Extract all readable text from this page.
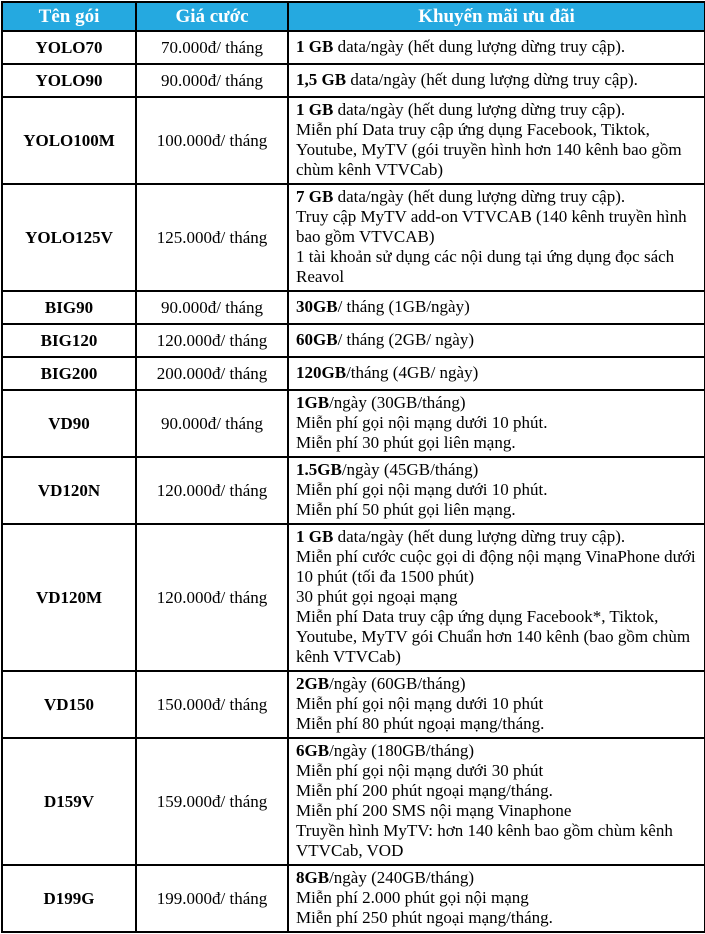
Tên gói	Giá cước	Khuyến mãi ưu đãi
YOLO70	70.000đ/ tháng	1 GB data/ngày (hết dung lượng dừng truy cập).

YOLO90	90.000đ/ tháng	1,5 GB data/ngày (hết dung lượng dừng truy cập).

YOLO100M	100.000đ/ tháng	1 GB data/ngày (hết dung lượng dừng truy cập).
Miễn phí Data truy cập ứng dụng Facebook, Tiktok, Youtube, MyTV (gói truyền hình hơn 140 kênh bao gồm chùm kênh VTVCab)

YOLO125V	125.000đ/ tháng	7 GB data/ngày (hết dung lượng dừng truy cập).
Truy cập MyTV add-on VTVCAB (140 kênh truyền hình bao gồm VTVCAB)
1 tài khoản sử dụng các nội dung tại ứng dụng đọc sách Reavol

BIG90	90.000đ/ tháng	30GB/ tháng (1GB/ngày)

BIG120	120.000đ/ tháng	60GB/ tháng (2GB/ ngày)

BIG200	200.000đ/ tháng	120GB/tháng (4GB/ ngày)

VD90	90.000đ/ tháng	1GB/ngày (30GB/tháng)
Miễn phí gọi nội mạng dưới 10 phút.
Miễn phí 30 phút gọi liên mạng.

VD120N	120.000đ/ tháng	1.5GB/ngày (45GB/tháng)
Miễn phí gọi nội mạng dưới 10 phút.
Miễn phí 50 phút gọi liên mạng.

VD120M	120.000đ/ tháng	1 GB data/ngày (hết dung lượng dừng truy cập).
Miễn phí cước cuộc gọi di động nội mạng VinaPhone dưới 10 phút (tối đa 1500 phút)
30 phút gọi ngoại mạng
Miễn phí Data truy cập ứng dụng Facebook*, Tiktok, Youtube, MyTV gói Chuẩn hơn 140 kênh (bao gồm chùm kênh VTVCab)

VD150	150.000đ/ tháng	2GB/ngày (60GB/tháng)
Miễn phí gọi nội mạng dưới 10 phút
Miễn phí 80 phút ngoại mạng/tháng.

D159V	159.000đ/ tháng	6GB/ngày (180GB/tháng)
Miễn phí gọi nội mạng dưới 30 phút
Miễn phí 200 phút ngoại mạng/tháng.
Miễn phí 200 SMS nội mạng Vinaphone
Truyền hình MyTV: hơn 140 kênh bao gồm chùm kênh VTVCab, VOD

D199G	199.000đ/ tháng	8GB/ngày (240GB/tháng)
Miễn phí 2.000 phút gọi nội mạng
Miễn phí 250 phút ngoại mạng/tháng.
